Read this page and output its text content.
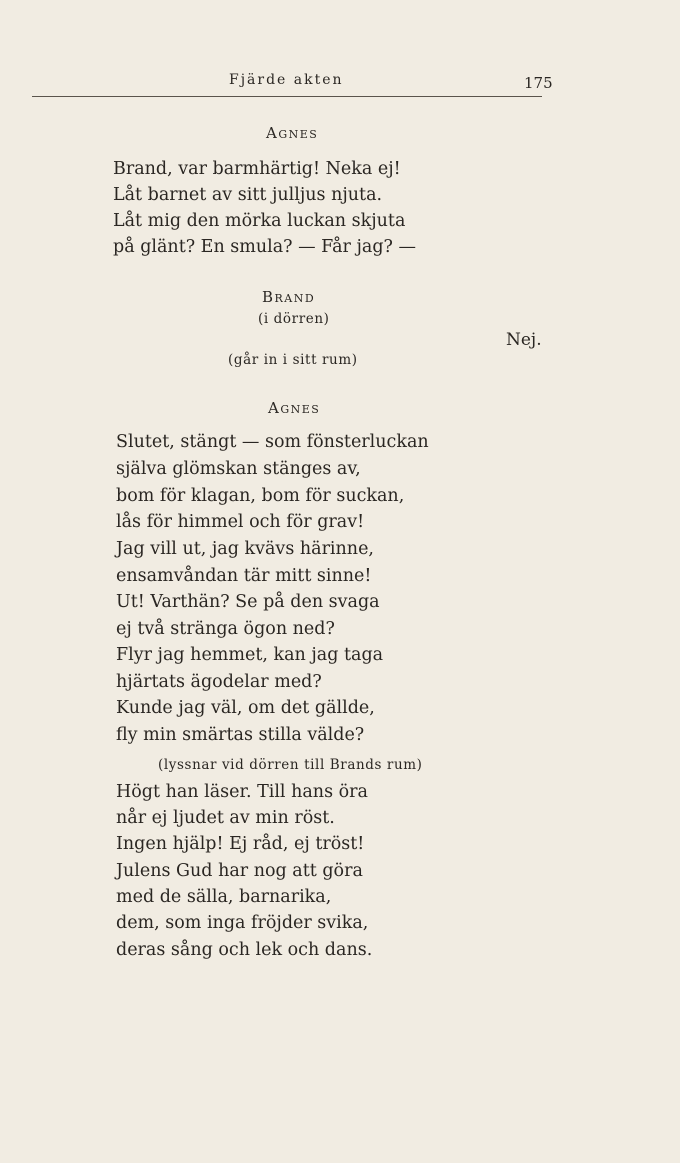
Fjärde akten	175
Agnes
Brand, var barmhärtig! Neka ej!
Låt barnet av sitt julljus njuta.
Låt mig den mörka luckan skjuta
på glänt? En smula? — Får jag? —
Brand
(i dörren)
Nej.
(går in i sitt rum)
Agnes
Slutet, stängt — som fönsterluckan
själva glömskan stänges av,
bom för klagan, bom för suckan,
lås för himmel och för grav!
Jag vill ut, jag kvävs härinne,
ensamvåndan tär mitt sinne!
Ut! Varthän? Se på den svaga
ej två stränga ögon ned?
Flyr jag hemmet, kan jag taga
hjärtats ägodelar med?
Kunde jag väl, om det gällde,
fly min smärtas stilla välde?
(lyssnar vid dörren till Brands rum)
Högt han läser. Till hans öra
når ej ljudet av min röst.
Ingen hjälp! Ej råd, ej tröst!
Julens Gud har nog att göra
med de sälla, barnarika,
dem, som inga fröjder svika,
deras sång och lek och dans.
